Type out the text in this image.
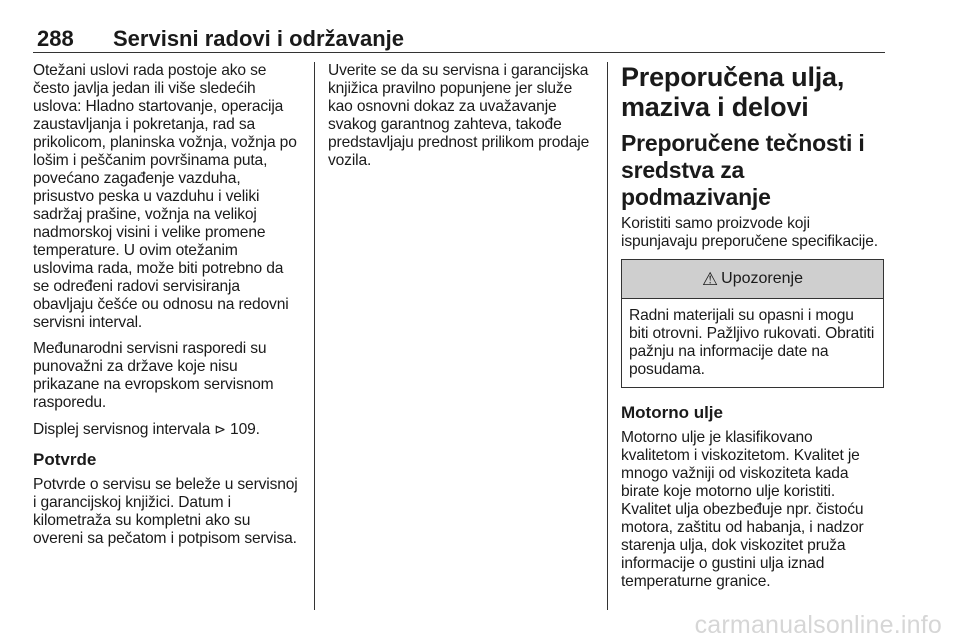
288 Servisni radovi i održavanje

Otežani uslovi rada postoje ako se često javlja jedan ili više sledećih uslova: Hladno startovanje, operacija zaustavljanja i pokretanja, rad sa prikolicom, planinska vožnja, vožnja po lošim i peščanim površinama puta, povećano zagađenje vazduha, prisustvo peska u vazduhu i veliki sadržaj prašine, vožnja na velikoj nadmorskoj visini i velike promene temperature. U ovim otežanim uslovima rada, može biti potrebno da se određeni radovi servisiranja obavljaju češće ou odnosu na redovni servisni interval.

Međunarodni servisni rasporedi su punovažni za države koje nisu prikazane na evropskom servisnom rasporedu.

Displej servisnog intervala ⊳ 109.

Potvrde

Potvrde o servisu se beleže u servisnoj i garancijskoj knjižici. Datum i kilometraža su kompletni ako su overeni sa pečatom i potpisom servisa.

Uverite se da su servisna i garancijska knjižica pravilno popunjene jer služe kao osnovni dokaz za uvažavanje svakog garantnog zahteva, takođe predstavljaju prednost prilikom prodaje vozila.

Preporučena ulja, maziva i delovi
Preporučene tečnosti i sredstva za podmazivanje

Koristiti samo proizvode koji ispunjavaju preporučene specifikacije.

⚠ Upozorenje

Radni materijali su opasni i mogu biti otrovni. Pažljivo rukovati. Obratiti pažnju na informacije date na posudama.

Motorno ulje

Motorno ulje je klasifikovano kvalitetom i viskozitetom. Kvalitet je mnogo važniji od viskoziteta kada birate koje motorno ulje koristiti. Kvalitet ulja obezbeđuje npr. čistoću motora, zaštitu od habanja, i nadzor starenja ulja, dok viskozitet pruža informacije o gustini ulja iznad temperaturne granice.

carmanualsonline.info
